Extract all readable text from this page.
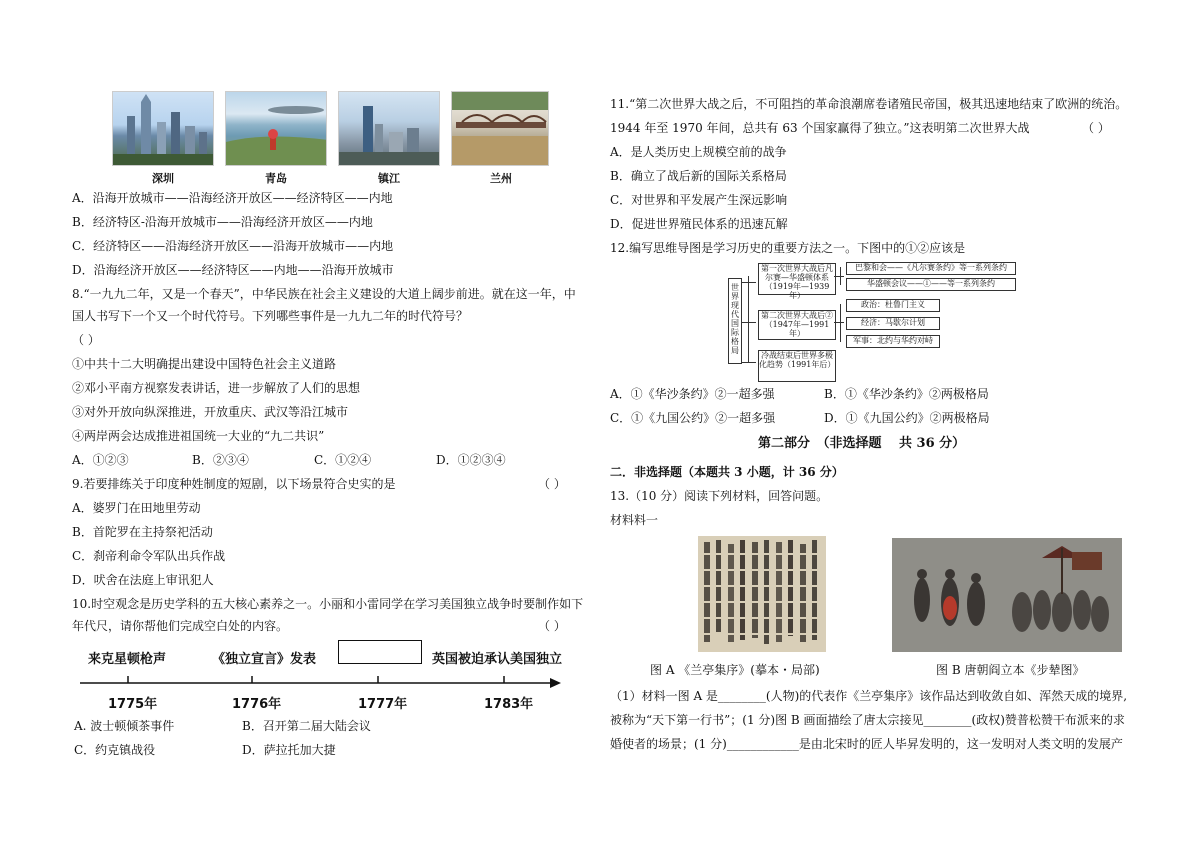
深圳	青岛	镇江	兰州
A．沿海开放城市——沿海经济开放区——经济特区——内地
B．经济特区-沿海开放城市——沿海经济开放区——内地
C．经济特区——沿海经济开放区——沿海开放城市——内地
D．沿海经济开放区——经济特区——内地——沿海开放城市
8.“一九九二年，又是一个春天”，中华民族在社会主义建设的大道上阔步前进。就在这一年，中
国人书写下一个又一个时代符号。下列哪些事件是一九九二年的时代符号？
（ ）
①中共十二大明确提出建设中国特色社会主义道路
②邓小平南方视察发表讲话，进一步解放了人们的思想
③对外开放向纵深推进，开放重庆、武汉等沿江城市
④两岸两会达成推进祖国统一大业的“九二共识”
A．①②③	B．②③④	C．①②④	D．①②③④
9.若要排练关于印度种姓制度的短剧，以下场景符合史实的是	（ ）
A．婆罗门在田地里劳动
B．首陀罗在主持祭祀活动
C．刹帝利命令军队出兵作战
D．吠舍在法庭上审讯犯人
10.时空观念是历史学科的五大核心素养之一。小丽和小雷同学在学习美国独立战争时要制作如下
年代尺，请你帮他们完成空白处的内容。	（ ）
来克星顿枪声	《独立宣言》发表	英国被迫承认美国独立
1775年	1776年	1777年	1783年
A. 波士顿倾茶事件	B．召开第二届大陆会议
C．约克镇战役	D．萨拉托加大捷
11.“第二次世界大战之后，不可阻挡的革命浪潮席卷诸殖民帝国，极其迅速地结束了欧洲的统治。
1944 年至 1970 年间，总共有 63 个国家赢得了独立。”这表明第二次世界大战	（ ）
A．是人类历史上规模空前的战争
B．确立了战后新的国际关系格局
C．对世界和平发展产生深远影响
D．促进世界殖民体系的迅速瓦解
12.编写思维导图是学习历史的重要方法之一。下图中的①②应该是
世界现代国际格局
第一次世界大战后凡尔赛—华盛顿体系（1919年—1939年）
第二次世界大战后②（1947年—1991年）
冷战结束后世界多极化趋势（1991年后）
巴黎和会——《凡尔赛条约》等一系列条约
华盛顿会议——①——等一系列条约
政治：杜鲁门主义
经济：马歇尔计划
军事：北约与华约对峙
A．①《华沙条约》②一超多强	B．①《华沙条约》②两极格局
C．①《九国公约》②一超多强	D．①《九国公约》②两极格局
第二部分　（非选择题　 共 36 分）
二．非选择题（本题共 3 小题，计 36 分）
13.（10 分）阅读下列材料，回答问题。
材料料一
图 A 《兰亭集序》(摹本・局部)	图 B 唐朝阎立本《步辇图》
（1）材料一图 A 是________(人物)的代表作《兰亭集序》该作品达到收敛自如、浑然天成的境界,
被称为“天下第一行书”；(1 分)图 B 画面描绘了唐太宗接见________(政权)赞普松赞干布派来的求
婚使者的场景；(1 分)____________是由北宋时的匠人毕昇发明的，这一发明对人类文明的发展产
